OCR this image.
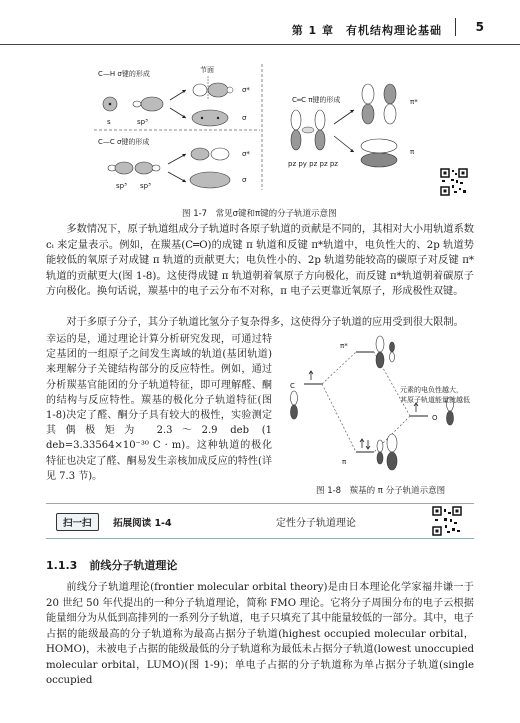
第 1 章　有机结构理论基础	5
C—H σ键的形成
s	sp³
节面
σ*
σ
C—C σ键的形成
sp³ sp³
σ*
σ
C═C π键的形成
pz py pz pz pz
π*
π
图 1-7　常见σ键和π键的分子轨道示意图

多数情况下，原子轨道组成分子轨道时各原子轨道的贡献是不同的，其相对大小用轨道系数 cᵢ 来定量表示。例如，在羰基(C═O)的成键 π 轨道和反键 π*轨道中，电负性大的、2p 轨道势能较低的氧原子对成键 π 轨道的贡献更大；电负性小的、2p 轨道势能较高的碳原子对反键 π*轨道的贡献更大(图 1-8)。这使得成键 π 轨道朝着氧原子方向极化，而反键 π*轨道朝着碳原子方向极化。换句话说，羰基中的电子云分布不对称，π 电子云更靠近氧原子，形成极性双键。

对于多原子分子，其分子轨道比氢分子复杂得多，这使得分子轨道的应用受到很大限制。

幸运的是，通过理论计算分析研究发现，可通过特定基团的一组原子之间发生离域的轨道(基团轨道)来理解分子关键结构部分的反应特性。例如，通过分析羰基官能团的分子轨道特征，即可理解醛、酮的结构与反应特性。羰基的极化分子轨道特征(图 1-8)决定了醛、酮分子具有较大的极性，实验测定其偶极矩为 2.3～2.9 deb (1 deb=3.33564×10⁻³⁰ C · m)。这种轨道的极化特征也决定了醛、酮易发生亲核加成反应的特性(详见 7.3 节)。

C
O
π*
π
元素的电负性越大，
其原子轨道能量就越低
图 1-8　羰基的 π 分子轨道示意图
扫一扫 拓展阅读 1-4	定性分子轨道理论
1.1.3 前线分子轨道理论

前线分子轨道理论(frontier molecular orbital theory)是由日本理论化学家福井谦一于 20 世纪 50 年代提出的一种分子轨道理论，简称 FMO 理论。它将分子周围分布的电子云根据能量细分为从低到高排列的一系列分子轨道，电子只填充了其中能量较低的一部分。其中，电子占据的能级最高的分子轨道称为最高占据分子轨道(highest occupied molecular orbital，HOMO)，未被电子占据的能级最低的分子轨道称为最低未占据分子轨道(lowest unoccupied molecular orbital，LUMO)(图 1-9)；单电子占据的分子轨道称为单占据分子轨道(single occupied
